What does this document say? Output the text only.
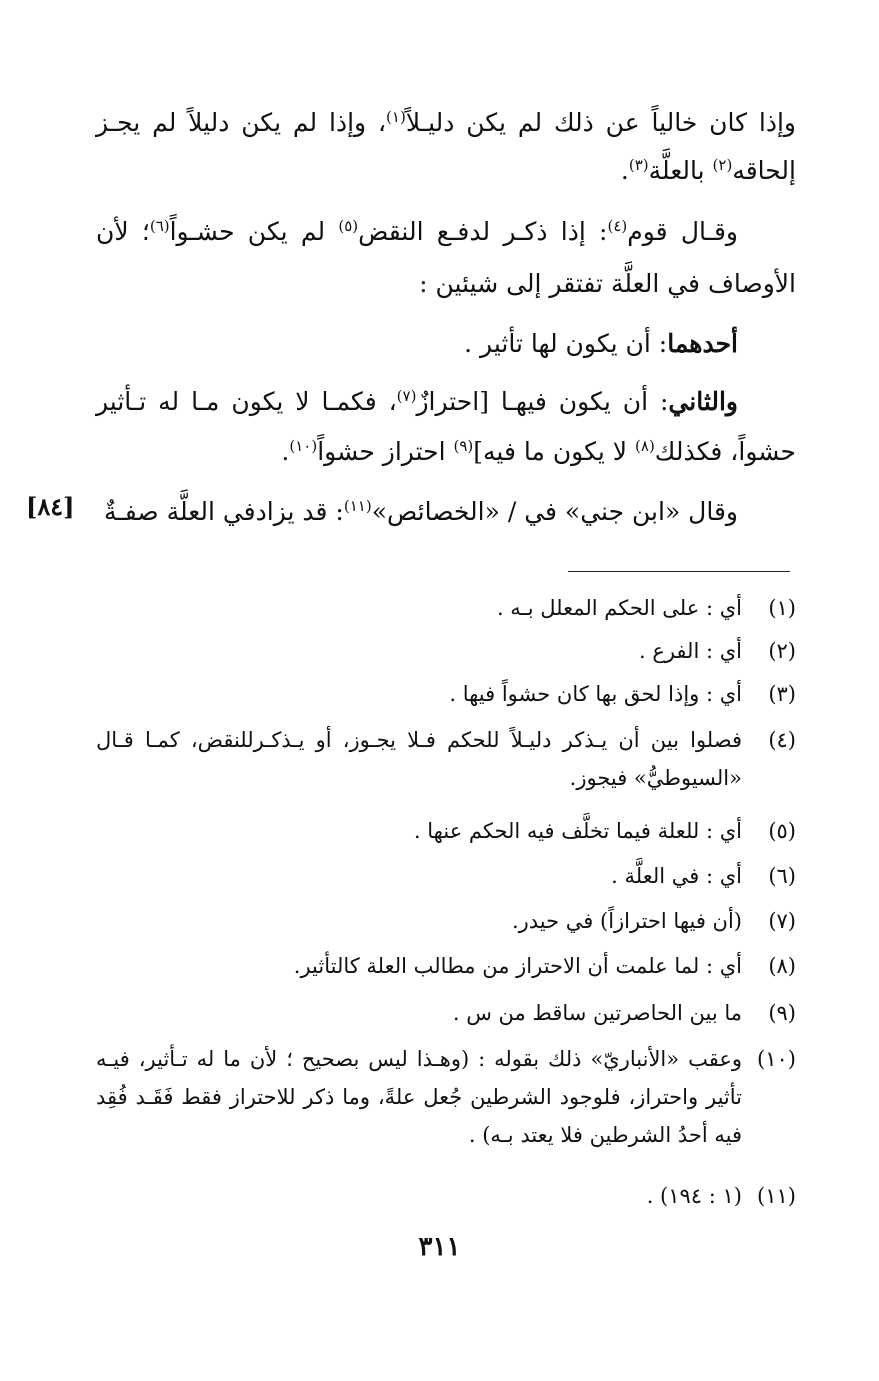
وإذا كان خالياً عن ذلك لم يكن دليـلاً$^{(١)}$، وإذا لم يكن دليلاً لم يجـز
إلحاقه$^{(٢)}$ بالعلَّة$^{(٣)}$.
وقـال قوم$^{(٤)}$: إذا ذكـر لدفـع النقض$^{(٥)}$ لم يكن حشـواً$^{(٦)}$؛ لأن
الأوصاف في العلَّة تفتقر إلى شيئين :
أحدهما: أن يكون لها تأثير .
والثاني: أن يكون فيهـا [احترازٌ$^{(٧)}$، فكمـا لا يكون مـا له تـأثير
حشواً، فكذلك$^{(٨)}$ لا يكون ما فيه]$^{(٩)}$ احتراز حشواً$^{(١٠)}$.
وقال «ابن جني» في / «الخصائص»$^{(١١)}$: قد يزادفي العلَّة صفـةٌ
[٨٤]
(١)
أي : على الحكم المعلل بـه .
(٢)
أي : الفرع .
(٣)
أي : وإذا لحق بها كان حشواً فيها .
(٤)
فصلوا بين أن يـذكر دليـلاً للحكم فـلا يجـوز، أو يـذكـرللنقض، كمـا قـال «السيوطيُّ» فيجوز.
(٥)
أي : للعلة فيما تخلَّف فيه الحكم عنها .
(٦)
أي : في العلَّة .
(٧)
(أن فيها احترازاً) في حيدر.
(٨)
أي : لما علمت أن الاحتراز من مطالب العلة كالتأثير.
(٩)
ما بين الحاصرتين ساقط من س .
(١٠)
وعقب «الأنباريّ» ذلك بقوله : (وهـذا ليس بصحيح ؛ لأن ما له تـأثير، فيـه تأثير واحتراز، فلوجود الشرطين جُعل علةً، وما ذكر للاحتراز فقط فَقَـد فُقِد فيه أحدُ الشرطين فلا يعتد بـه) .
(١١)
(١ : ١٩٤) .
٣١١
